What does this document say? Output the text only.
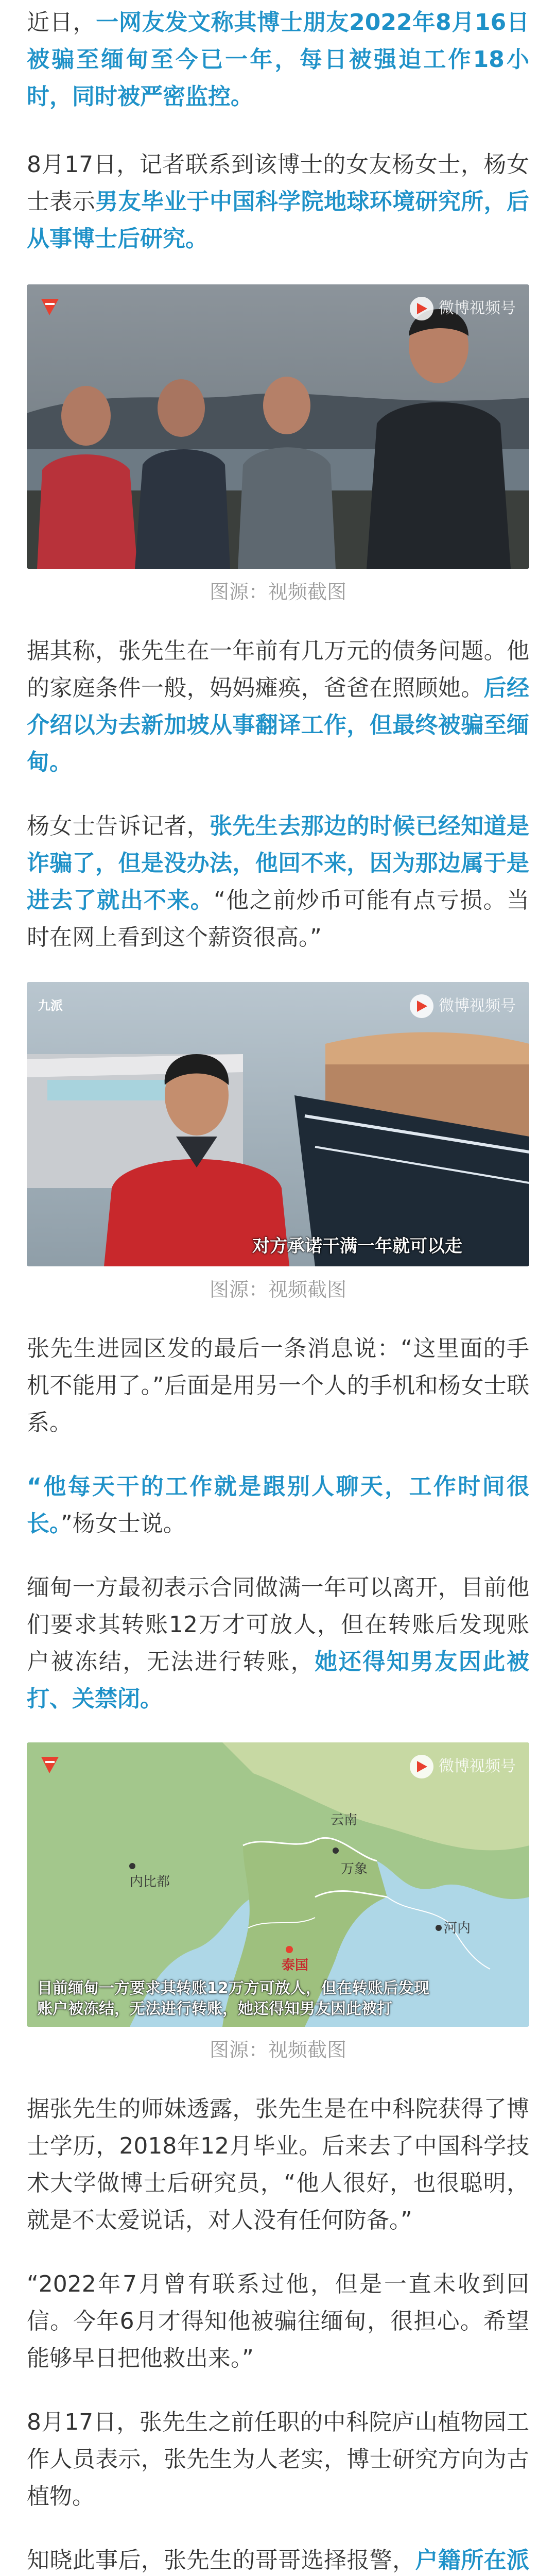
近日，一网友发文称其博士朋友2022年8月16日被骗至缅甸至今已一年，每日被强迫工作18小时，同时被严密监控。

8月17日，记者联系到该博士的女友杨女士，杨女士表示男友毕业于中国科学院地球环境研究所，后从事博士后研究。

微博视频号
图源：视频截图

据其称，张先生在一年前有几万元的债务问题。他的家庭条件一般，妈妈瘫痪，爸爸在照顾她。后经介绍以为去新加坡从事翻译工作，但最终被骗至缅甸。

杨女士告诉记者，张先生去那边的时候已经知道是诈骗了，但是没办法，他回不来，因为那边属于是进去了就出不来。“他之前炒币可能有点亏损。当时在网上看到这个薪资很高。”

九派	微博视频号
对方承诺干满一年就可以走
图源：视频截图

张先生进园区发的最后一条消息说：“这里面的手机不能用了。”后面是用另一个人的手机和杨女士联系。

“他每天干的工作就是跟别人聊天，工作时间很长。”杨女士说。

缅甸一方最初表示合同做满一年可以离开，目前他们要求其转账12万才可放人，但在转账后发现账户被冻结，无法进行转账，她还得知男友因此被打、关禁闭。

微博视频号
云南
河内
内比都
万象
泰国
目前缅甸一方要求其转账12万方可放人，但在转账后发现
账户被冻结，无法进行转账，她还得知男友因此被打
图源：视频截图

据张先生的师妹透露，张先生是在中科院获得了博士学历，2018年12月毕业。后来去了中国科学技术大学做博士后研究员，“他人很好，也很聪明，就是不太爱说话，对人没有任何防备。”

“2022年7月曾有联系过他，但是一直未收到回信。今年6月才得知他被骗往缅甸，很担心。希望能够早日把他救出来。”

8月17日，张先生之前任职的中科院庐山植物园工作人员表示，张先生为人老实，博士研究方向为古植物。

知晓此事后，张先生的哥哥选择报警，户籍所在派
